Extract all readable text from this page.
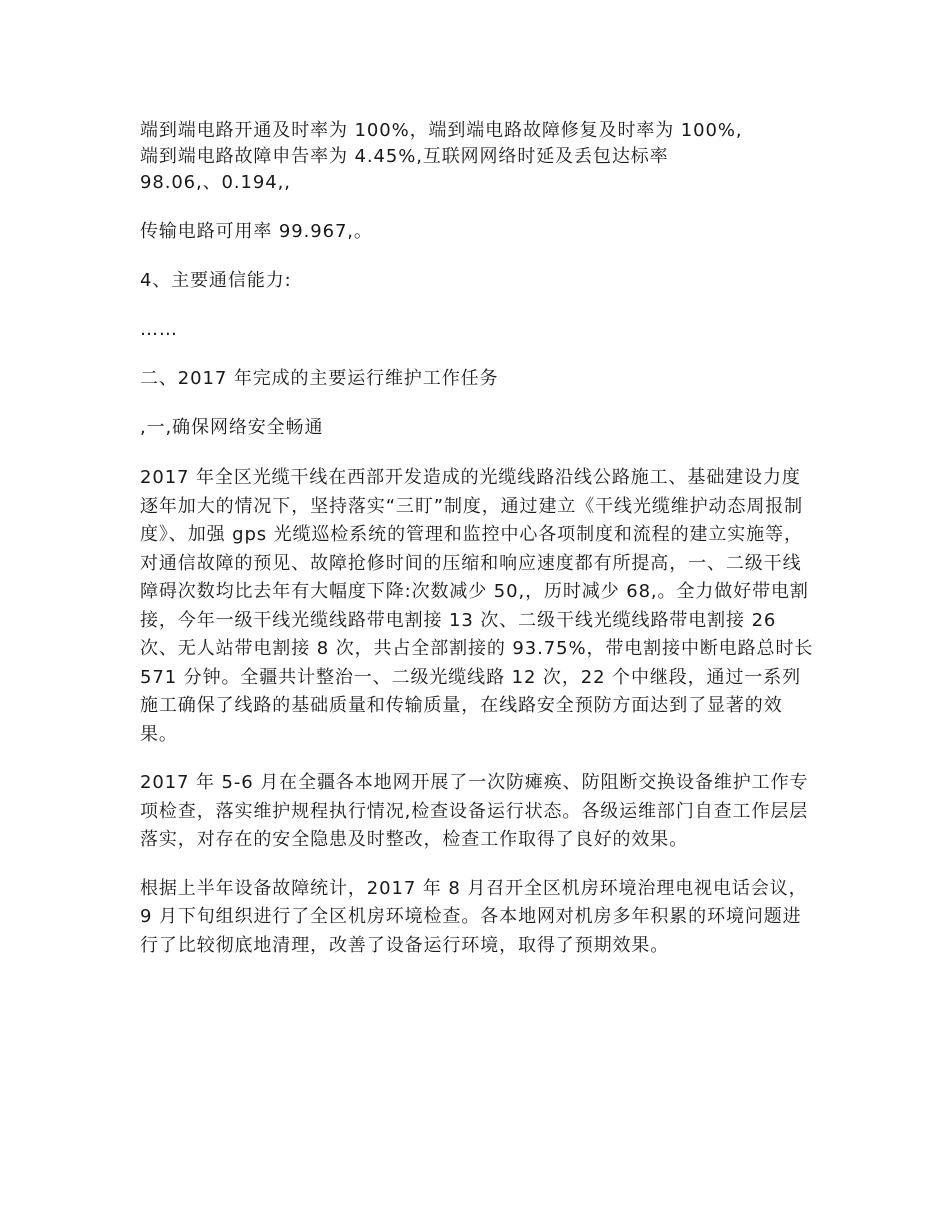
端到端电路开通及时率为 100%，端到端电路故障修复及时率为 100%,
端到端电路故障申告率为 4.45%,互联网网络时延及丢包达标率
98.06,、0.194,,

传输电路可用率 99.967,。

4、主要通信能力:

……

二、2017 年完成的主要运行维护工作任务

,一,确保网络安全畅通

2017 年全区光缆干线在西部开发造成的光缆线路沿线公路施工、基础建设力度逐年加大的情况下，坚持落实“三盯”制度，通过建立《干线光缆维护动态周报制度》、加强 gps 光缆巡检系统的管理和监控中心各项制度和流程的建立实施等，对通信故障的预见、故障抢修时间的压缩和响应速度都有所提高，一、二级干线障碍次数均比去年有大幅度下降:次数减少 50,，历时减少 68,。全力做好带电割接，今年一级干线光缆线路带电割接 13 次、二级干线光缆线路带电割接 26 次、无人站带电割接 8 次，共占全部割接的 93.75%，带电割接中断电路总时长 571 分钟。全疆共计整治一、二级光缆线路 12 次，22 个中继段，通过一系列施工确保了线路的基础质量和传输质量，在线路安全预防方面达到了显著的效果。

2017 年 5-6 月在全疆各本地网开展了一次防瘫痪、防阻断交换设备维护工作专项检查，落实维护规程执行情况,检查设备运行状态。各级运维部门自查工作层层落实，对存在的安全隐患及时整改，检查工作取得了良好的效果。

根据上半年设备故障统计，2017 年 8 月召开全区机房环境治理电视电话会议，9 月下旬组织进行了全区机房环境检查。各本地网对机房多年积累的环境问题进行了比较彻底地清理，改善了设备运行环境，取得了预期效果。
